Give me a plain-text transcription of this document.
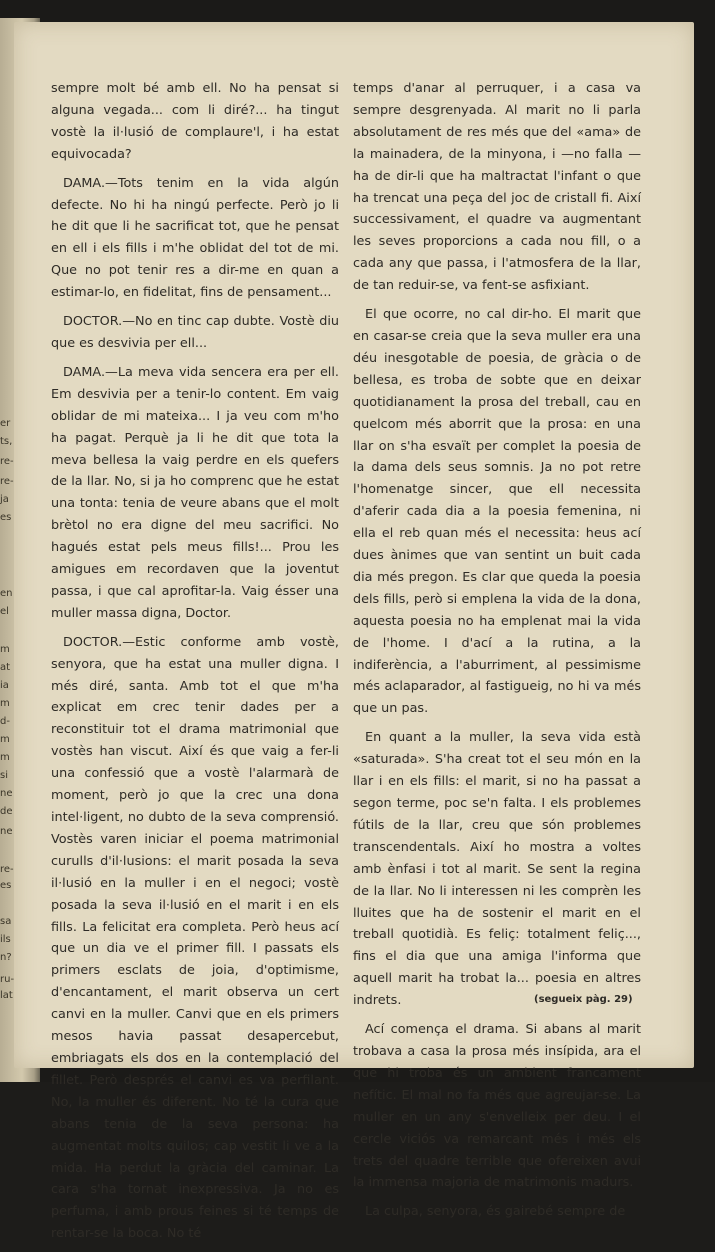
er
ts,
re-
re-
ja
es
en
el
m
at
ia
m
d-
m
m
si
ne
de
ne
re-
es
sa
ils
n?
ru-
lat

sempre molt bé amb ell. No ha pensat si alguna vegada... com li diré?... ha tingut vostè la il·lusió de complaure'l, i ha estat equivocada?

DAMA.—Tots tenim en la vida algún defecte. No hi ha ningú perfecte. Però jo li he dit que li he sacrificat tot, que he pensat en ell i els fills i m'he oblidat del tot de mi. Que no pot tenir res a dir-me en quan a estimar-lo, en fidelitat, fins de pensament...

DOCTOR.—No en tinc cap dubte. Vostè diu que es desvivia per ell...

DAMA.—La meva vida sencera era per ell. Em desvivia per a tenir-lo content. Em vaig oblidar de mi mateixa... I ja veu com m'ho ha pagat. Perquè ja li he dit que tota la meva bellesa la vaig perdre en els quefers de la llar. No, si ja ho comprenc que he estat una tonta: tenia de veure abans que el molt brètol no era digne del meu sacrifici. No hagués estat pels meus fills!... Prou les amigues em recordaven que la joventut passa, i que cal aprofitar-la. Vaig ésser una muller massa digna, Doctor.

DOCTOR.—Estic conforme amb vostè, senyora, que ha estat una muller digna. I més diré, santa. Amb tot el que m'ha explicat em crec tenir dades per a reconstituir tot el drama matrimonial que vostès han viscut. Així és que vaig a fer-li una confessió que a vostè l'alarmarà de moment, però jo que la crec una dona intel·ligent, no dubto de la seva comprensió. Vostès varen iniciar el poema matrimonial curulls d'il·lusions: el marit posada la seva il·lusió en la muller i en el negoci; vostè posada la seva il·lusió en el marit i en els fills. La felicitat era completa. Però heus ací que un dia ve el primer fill. I passats els primers esclats de joia, d'optimisme, d'encantament, el marit observa un cert canvi en la muller. Canvi que en els primers mesos havia passat desapercebut, embriagats els dos en la contemplació del fillet. Però després el canvi es va perfilant. No, la muller és diferent. No té la cura que abans tenia de la seva persona: ha augmentat molts quilos; cap vestit li ve a la mida. Ha perdut la gràcia del caminar. La cara s'ha tornat inexpressiva. Ja no es perfuma, i amb prous feines si té temps de rentar-se la boca. No té

temps d'anar al perruquer, i a casa va sempre desgrenyada. Al marit no li parla absolutament de res més que del «ama» de la mainadera, de la minyona, i —no falla —ha de dir-li que ha maltractat l'infant o que ha trencat una peça del joc de cristall fi. Així successivament, el quadre va augmentant les seves proporcions a cada nou fill, o a cada any que passa, i l'atmosfera de la llar, de tan reduir-se, va fent-se asfixiant.

El que ocorre, no cal dir-ho. El marit que en casar-se creia que la seva muller era una déu inesgotable de poesia, de gràcia o de bellesa, es troba de sobte que en deixar quotidianament la prosa del treball, cau en quelcom més aborrit que la prosa: en una llar on s'ha esvaït per complet la poesia de la dama dels seus somnis. Ja no pot retre l'homenatge sincer, que ell necessita d'aferir cada dia a la poesia femenina, ni ella el reb quan més el necessita: heus ací dues ànimes que van sentint un buit cada dia més pregon. Es clar que queda la poesia dels fills, però si emplena la vida de la dona, aquesta poesia no ha emplenat mai la vida de l'home. I d'ací a la rutina, a la indiferència, a l'aburriment, al pessimisme més aclaparador, al fastigueig, no hi va més que un pas.

En quant a la muller, la seva vida està «saturada». S'ha creat tot el seu món en la llar i en els fills: el marit, si no ha passat a segon terme, poc se'n falta. I els problemes fútils de la llar, creu que són problemes transcendentals. Així ho mostra a voltes amb ènfasi i tot al marit. Se sent la regina de la llar. No li interessen ni les comprèn les lluites que ha de sostenir el marit en el treball quotidià. Es feliç: totalment feliç..., fins el dia que una amiga l'informa que aquell marit ha trobat la... poesia en altres indrets.

Ací comença el drama. Si abans al marit trobava a casa la prosa més insípida, ara el que hi troba és un ambient francament nefític. El mal no fa més que agreujar-se. La muller en un any s'envelleix per deu. I el cercle viciós va remarcant més i més els trets del quadre terrible que ofereixen avui la immensa majoria de matrimonis madurs.

La culpa, senyora, és gairebé sempre de

(segueix pàg. 29)
